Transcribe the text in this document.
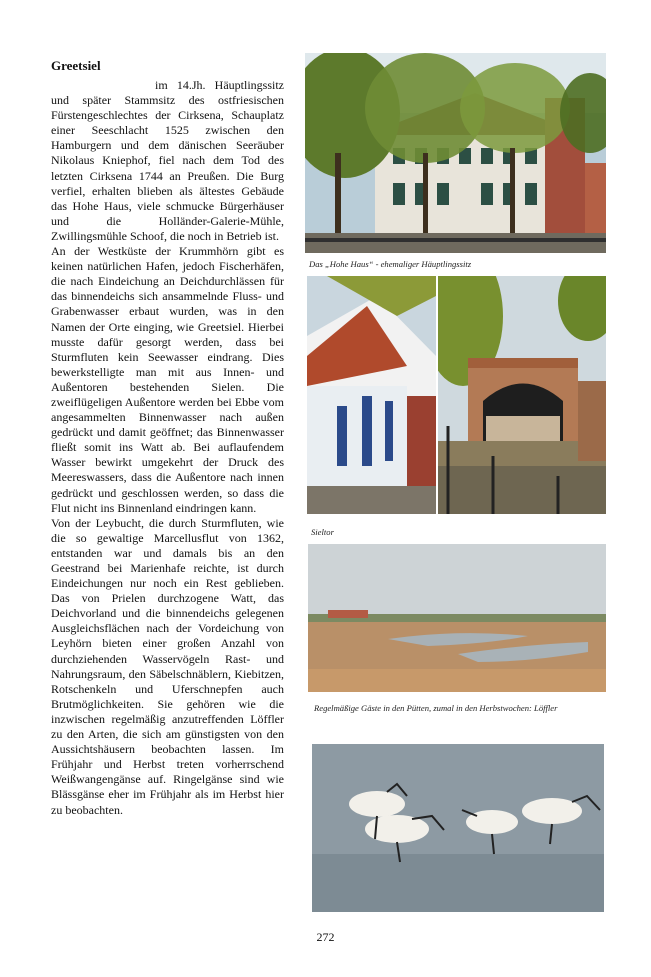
Greetsiel

im 14.Jh. Häuptlingssitz und später Stammsitz des ostfriesischen Fürstengeschlechtes der Cirksena, Schauplatz einer Seeschlacht 1525 zwischen den Hamburgern und dem dänischen Seeräuber Nikolaus Kniephof, fiel nach dem Tod des letzten Cirksena 1744 an Preußen. Die Burg verfiel, erhalten blieben als ältestes Gebäude das Hohe Haus, viele schmucke Bürgerhäuser und die Holländer-Galerie-Mühle, Zwillingsmühle Schoof, die noch in Betrieb ist.

An der Westküste der Krummhörn gibt es keinen natürlichen Hafen, jedoch Fischerhäfen, die nach Eindeichung an Deichdurchlässen für das binnendeichs sich ansammelnde Fluss- und Grabenwasser erbaut wurden, was in den Namen der Orte einging, wie Greetsiel. Hierbei musste dafür gesorgt werden, dass bei Sturmfluten kein Seewasser eindrang. Dies bewerkstelligte man mit aus Innen- und Außentoren bestehenden Sielen. Die zweiflügeligen Außentore werden bei Ebbe vom angesammelten Binnenwasser nach außen gedrückt und damit geöffnet; das Binnenwasser fließt somit ins Watt ab. Bei auflaufendem Wasser bewirkt umgekehrt der Druck des Meereswassers, dass die Außentore nach innen gedrückt und geschlossen werden, so dass die Flut nicht ins Binnenland eindringen kann.

Von der Leybucht, die durch Sturmfluten, wie die so gewaltige Marcellusflut von 1362, entstanden war und damals bis an den Geestrand bei Marienhafe reichte, ist durch Eindeichungen nur noch ein Rest geblieben. Das von Prielen durchzogene Watt, das Deichvorland und die binnendeichs gelegenen Ausgleichsflächen nach der Vordeichung von Leyhörn bieten einer großen Anzahl von durchziehenden Wasservögeln Rast- und Nahrungsraum, den Säbelschnäblern, Kiebitzen, Rotschenkeln und Uferschnepfen auch Brutmöglichkeiten. Sie gehören wie die inzwischen regelmäßig anzutreffenden Löffler zu den Arten, die sich am günstigsten von den Aussichtshäusern beobachten lassen. Im Frühjahr und Herbst treten vorherrschend Weißwangengänse auf. Ringelgänse sind wie Blässgänse eher im Frühjahr als im Herbst hier zu beobachten.

Das „Hohe Haus“ - ehemaliger Häuptlingssitz
Sieltor
Regelmäßige Gäste in den Pütten, zumal in den Herbstwochen: Löffler
272
